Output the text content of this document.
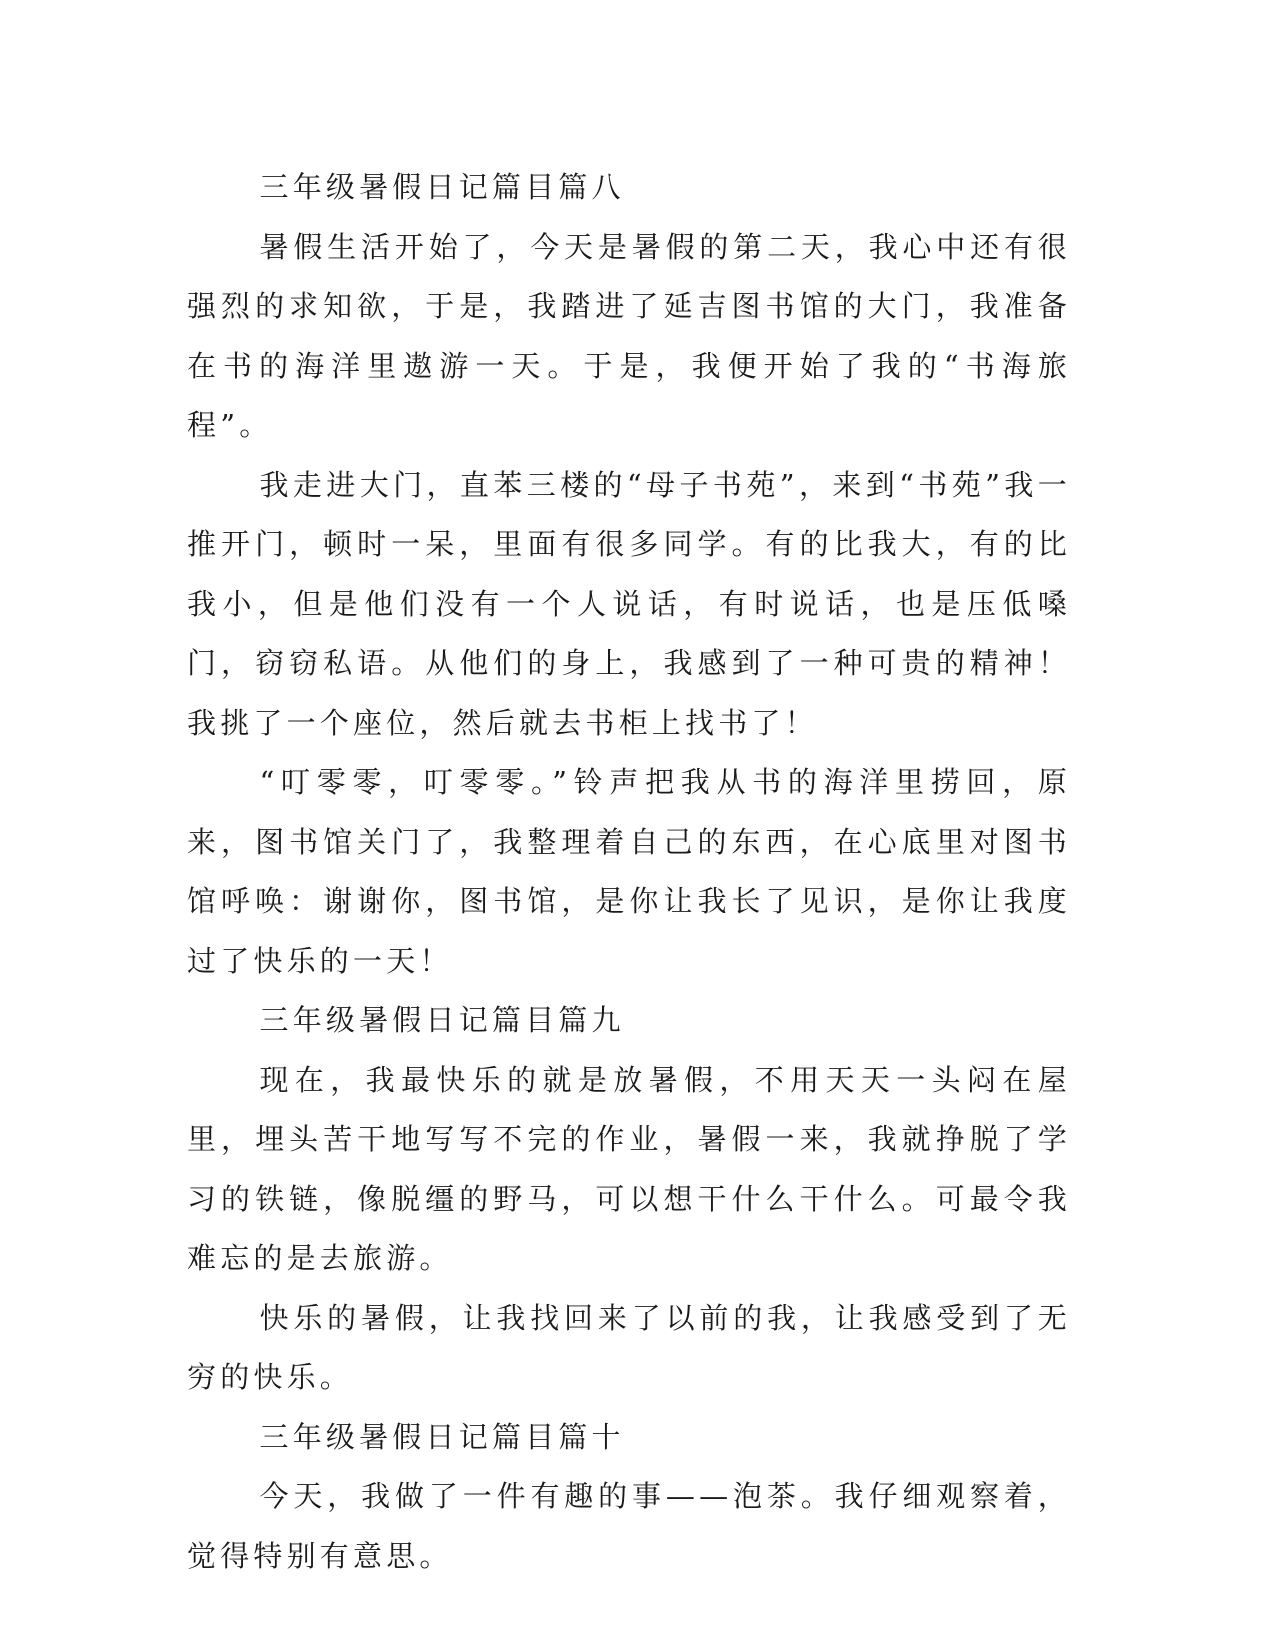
三年级暑假日记篇目篇八

暑假生活开始了，今天是暑假的第二天，我心中还有很强烈的求知欲，于是，我踏进了延吉图书馆的大门，我准备在书的海洋里遨游一天。于是，我便开始了我的“书海旅程”。

我走进大门，直苯三楼的“母子书苑”，来到“书苑”我一推开门，顿时一呆，里面有很多同学。有的比我大，有的比我小，但是他们没有一个人说话，有时说话，也是压低嗓门，窃窃私语。从他们的身上，我感到了一种可贵的精神！我挑了一个座位，然后就去书柜上找书了！

“叮零零，叮零零。”铃声把我从书的海洋里捞回，原来，图书馆关门了，我整理着自己的东西，在心底里对图书馆呼唤：谢谢你，图书馆，是你让我长了见识，是你让我度过了快乐的一天！

三年级暑假日记篇目篇九

现在，我最快乐的就是放暑假，不用天天一头闷在屋里，埋头苦干地写写不完的作业，暑假一来，我就挣脱了学习的铁链，像脱缰的野马，可以想干什么干什么。可最令我难忘的是去旅游。

快乐的暑假，让我找回来了以前的我，让我感受到了无穷的快乐。

三年级暑假日记篇目篇十

今天，我做了一件有趣的事——泡茶。我仔细观察着，觉得特别有意思。
